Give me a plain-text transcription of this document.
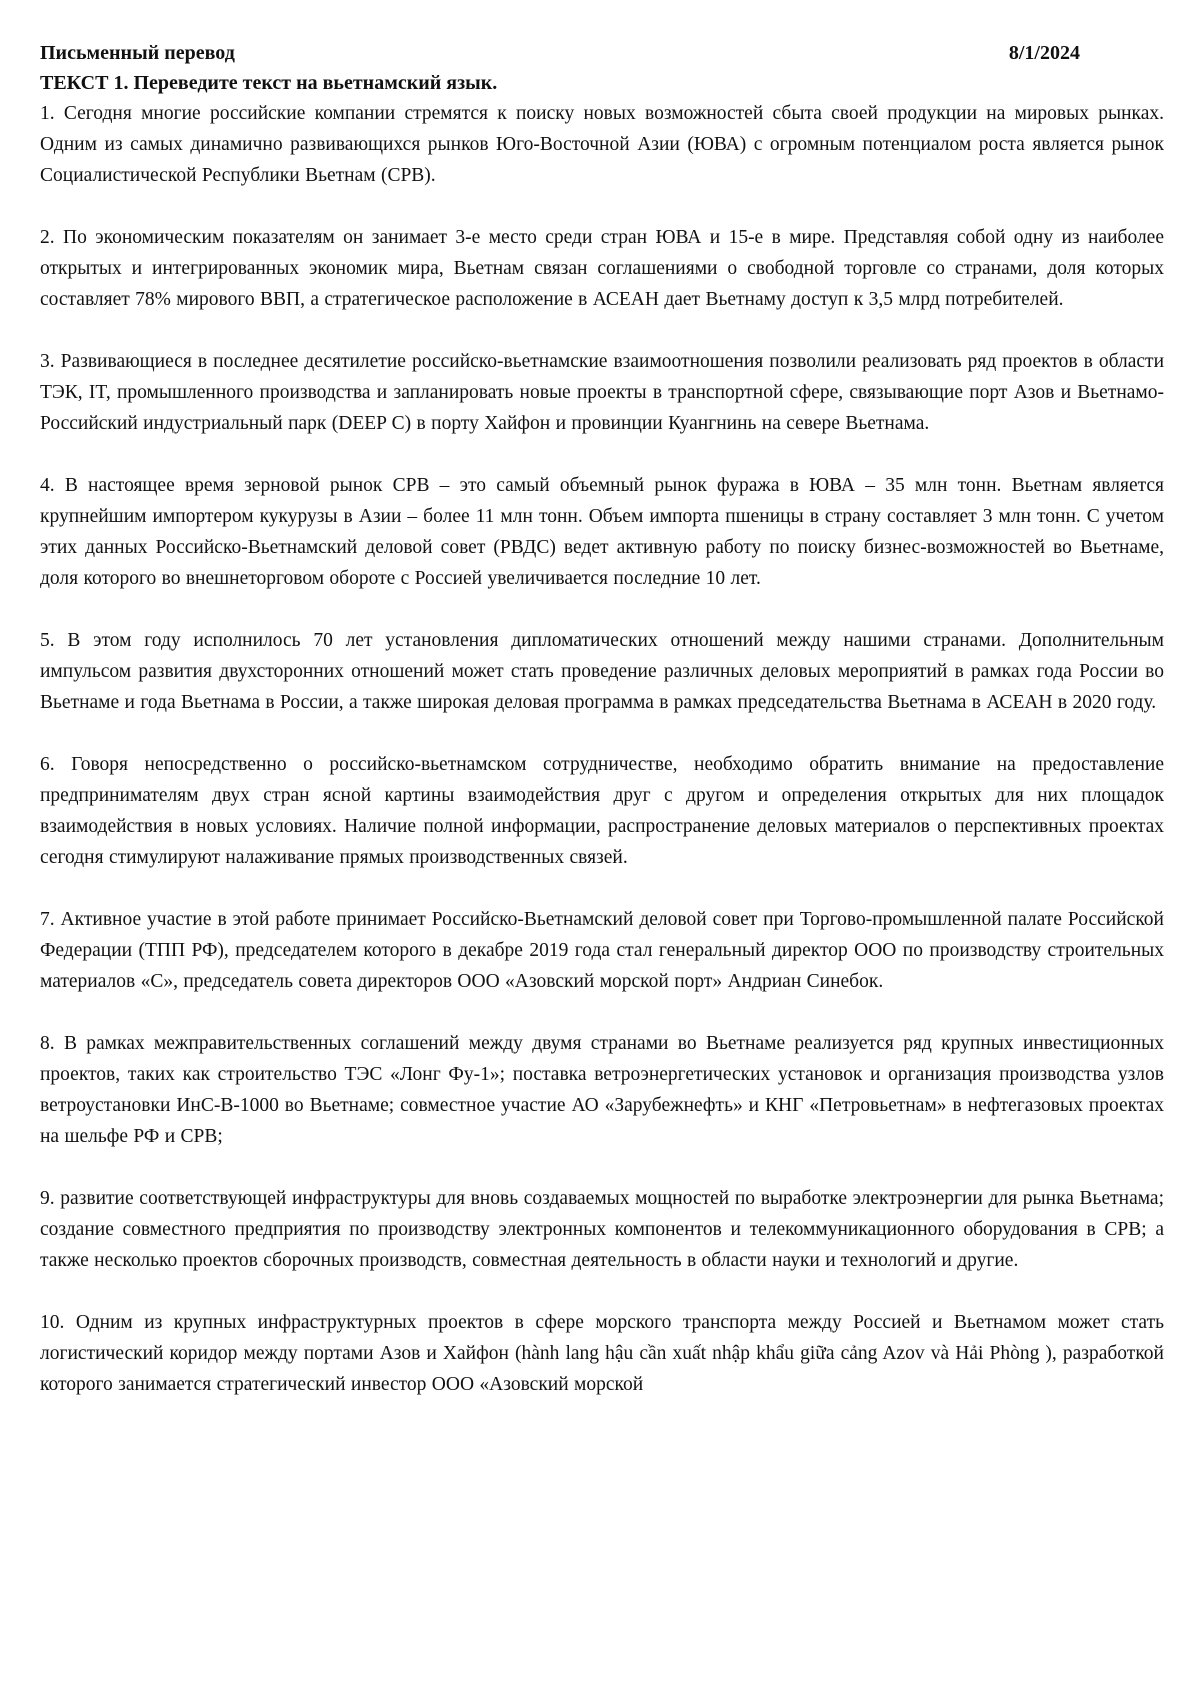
Письменный перевод	8/1/2024
ТЕКСТ 1. Переведите текст на вьетнамский язык.

1. Сегодня многие российские компании стремятся к поиску новых возможностей сбыта своей продукции на мировых рынках. Одним из самых динамично развивающихся рынков Юго-Восточной Азии (ЮВА) с огромным потенциалом роста является рынок Социалистической Республики Вьетнам (СРВ).

2. По экономическим показателям он занимает 3-е место среди стран ЮВА и 15-е в мире. Представляя собой одну из наиболее открытых и интегрированных экономик мира, Вьетнам связан соглашениями о свободной торговле со странами, доля которых составляет 78% мирового ВВП, а стратегическое расположение в АСЕАН дает Вьетнаму доступ к 3,5 млрд потребителей.

3. Развивающиеся в последнее десятилетие российско-вьетнамские взаимоотношения позволили реализовать ряд проектов в области ТЭК, IT, промышленного производства и запланировать новые проекты в транспортной сфере, связывающие порт Азов и Вьетнамо-Российский индустриальный парк (DEEP C) в порту Хайфон и провинции Куангнинь на севере Вьетнама.

4. В настоящее время зерновой рынок СРВ – это самый объемный рынок фуража в ЮВА – 35 млн тонн. Вьетнам является крупнейшим импортером кукурузы в Азии – более 11 млн тонн. Объем импорта пшеницы в страну составляет 3 млн тонн. С учетом этих данных Российско-Вьетнамский деловой совет (РВДС) ведет активную работу по поиску бизнес-возможностей во Вьетнаме, доля которого во внешнеторговом обороте с Россией увеличивается последние 10 лет.

5. В этом году исполнилось 70 лет установления дипломатических отношений между нашими странами. Дополнительным импульсом развития двухсторонних отношений может стать проведение различных деловых мероприятий в рамках года России во Вьетнаме и года Вьетнама в России, а также широкая деловая программа в рамках председательства Вьетнама в АСЕАН в 2020 году.

6. Говоря непосредственно о российско-вьетнамском сотрудничестве, необходимо обратить внимание на предоставление предпринимателям двух стран ясной картины взаимодействия друг с другом и определения открытых для них площадок взаимодействия в новых условиях. Наличие полной информации, распространение деловых материалов о перспективных проектах сегодня стимулируют налаживание прямых производственных связей.

7. Активное участие в этой работе принимает Российско-Вьетнамский деловой совет при Торгово-промышленной палате Российской Федерации (ТПП РФ), председателем которого в декабре 2019 года стал генеральный директор ООО по производству строительных материалов «С», председатель совета директоров ООО «Азовский морской порт» Андриан Синебок.

8. В рамках межправительственных соглашений между двумя странами во Вьетнаме реализуется ряд крупных инвестиционных проектов, таких как строительство ТЭС «Лонг Фу-1»; поставка ветроэнергетических установок и организация производства узлов ветроустановки ИнС-В-1000 во Вьетнаме; совместное участие АО «Зарубежнефть» и КНГ «Петровьетнам» в нефтегазовых проектах на шельфе РФ и СРВ;

9. развитие соответствующей инфраструктуры для вновь создаваемых мощностей по выработке электроэнергии для рынка Вьетнама; создание совместного предприятия по производству электронных компонентов и телекоммуникационного оборудования в СРВ; а также несколько проектов сборочных производств, совместная деятельность в области науки и технологий и другие.

10. Одним из крупных инфраструктурных проектов в сфере морского транспорта между Россией и Вьетнамом может стать логистический коридор между портами Азов и Хайфон (hành lang hậu cần xuất nhập khẩu giữa cảng Azov và Hải Phòng ), разработкой которого занимается стратегический инвестор ООО «Азовский морской
